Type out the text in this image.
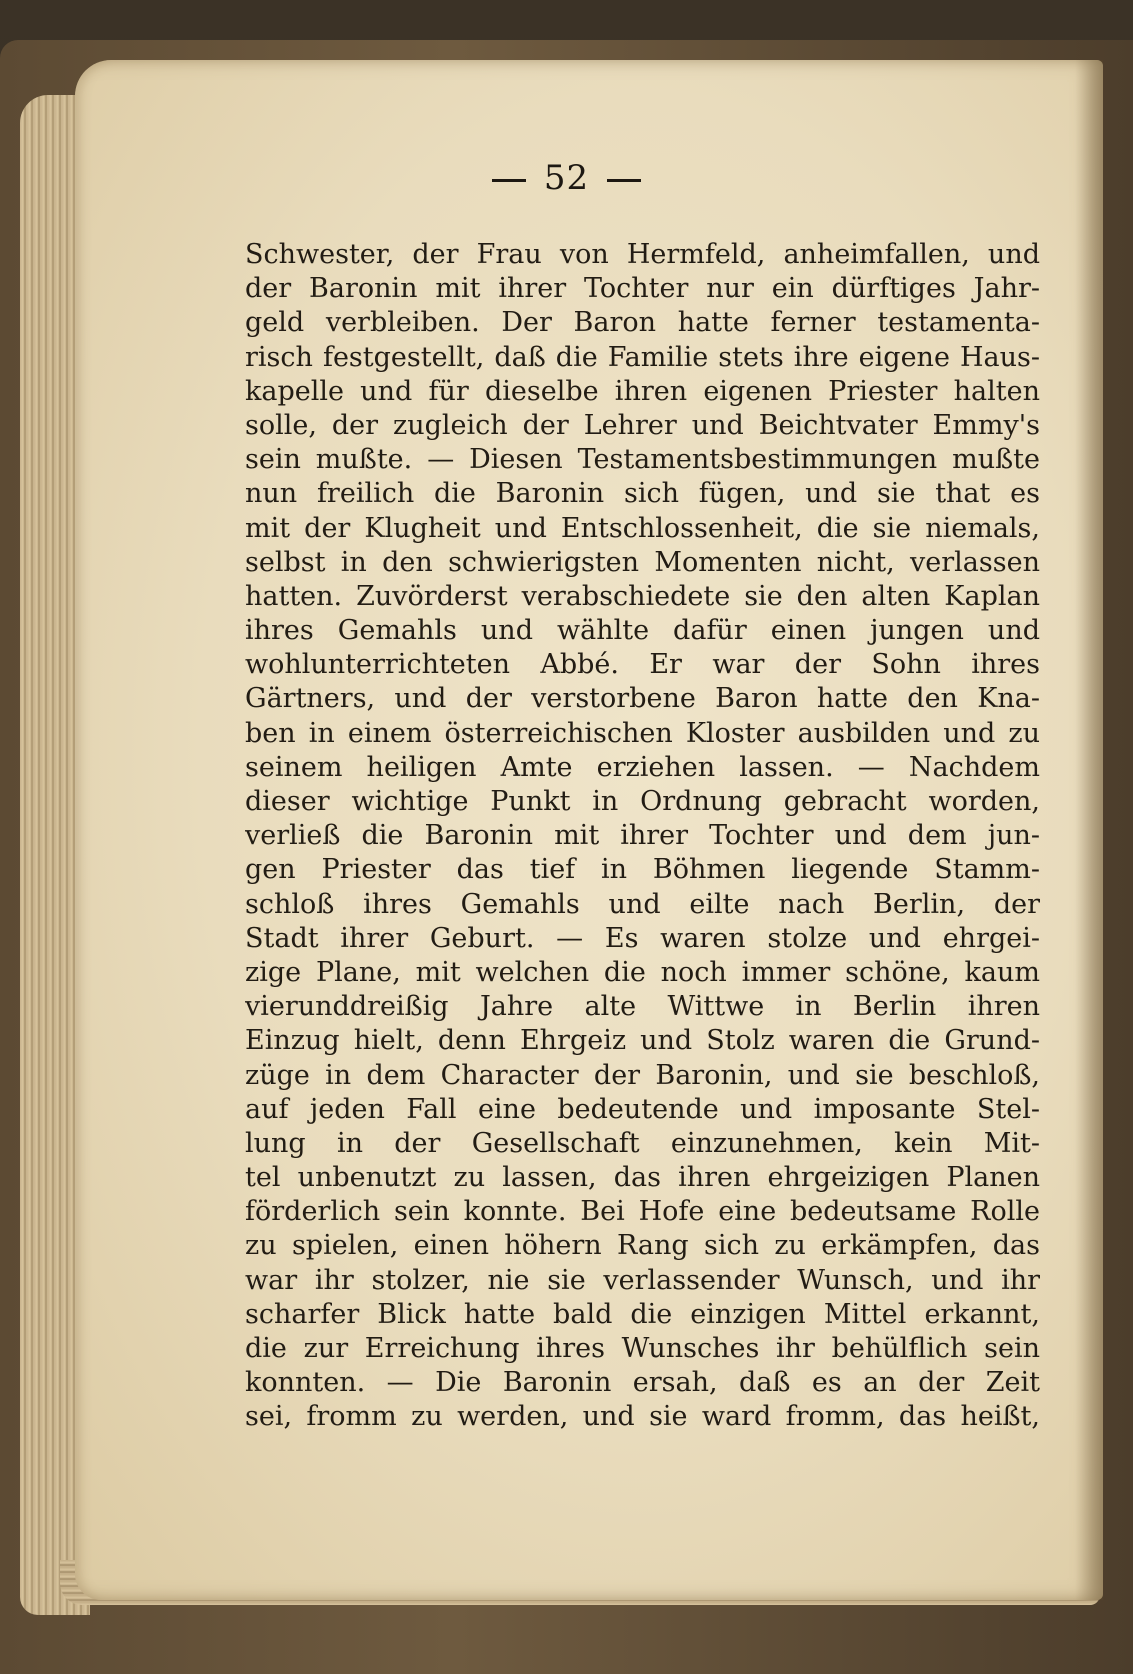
52
Schwester, der Frau von Hermfeld, anheimfallen, und
der Baronin mit ihrer Tochter nur ein dürftiges Jahr-
geld verbleiben. Der Baron hatte ferner testamenta-
risch festgestellt, daß die Familie stets ihre eigene Haus-
kapelle und für dieselbe ihren eigenen Priester halten
solle, der zugleich der Lehrer und Beichtvater Emmy's
sein mußte. — Diesen Testamentsbestimmungen mußte
nun freilich die Baronin sich fügen, und sie that es
mit der Klugheit und Entschlossenheit, die sie niemals,
selbst in den schwierigsten Momenten nicht, verlassen
hatten. Zuvörderst verabschiedete sie den alten Kaplan
ihres Gemahls und wählte dafür einen jungen und
wohlunterrichteten Abbé. Er war der Sohn ihres
Gärtners, und der verstorbene Baron hatte den Kna-
ben in einem österreichischen Kloster ausbilden und zu
seinem heiligen Amte erziehen lassen. — Nachdem
dieser wichtige Punkt in Ordnung gebracht worden,
verließ die Baronin mit ihrer Tochter und dem jun-
gen Priester das tief in Böhmen liegende Stamm-
schloß ihres Gemahls und eilte nach Berlin, der
Stadt ihrer Geburt. — Es waren stolze und ehrgei-
zige Plane, mit welchen die noch immer schöne, kaum
vierunddreißig Jahre alte Wittwe in Berlin ihren
Einzug hielt, denn Ehrgeiz und Stolz waren die Grund-
züge in dem Character der Baronin, und sie beschloß,
auf jeden Fall eine bedeutende und imposante Stel-
lung in der Gesellschaft einzunehmen, kein Mit-
tel unbenutzt zu lassen, das ihren ehrgeizigen Planen
förderlich sein konnte. Bei Hofe eine bedeutsame Rolle
zu spielen, einen höhern Rang sich zu erkämpfen, das
war ihr stolzer, nie sie verlassender Wunsch, und ihr
scharfer Blick hatte bald die einzigen Mittel erkannt,
die zur Erreichung ihres Wunsches ihr behülflich sein
konnten. — Die Baronin ersah, daß es an der Zeit
sei, fromm zu werden, und sie ward fromm, das heißt,
